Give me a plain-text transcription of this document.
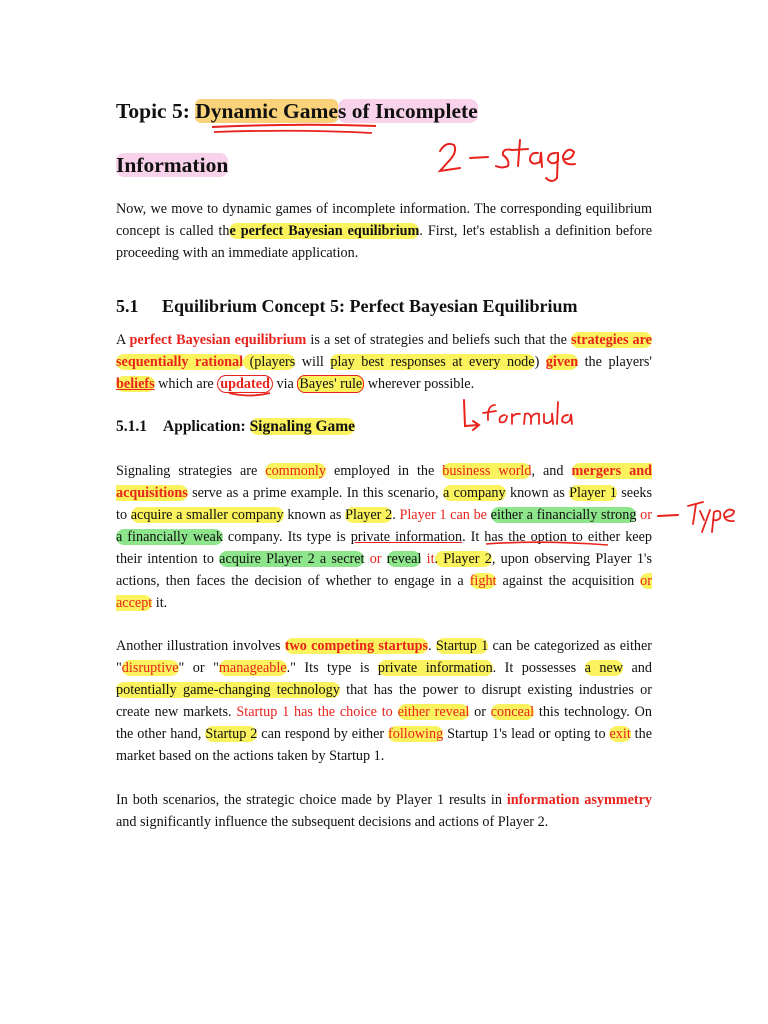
Topic 5: Dynamic Games of Incomplete
Information

Now, we move to dynamic games of incomplete information. The corresponding equilibrium concept is called the perfect Bayesian equilibrium. First, let's establish a definition before proceeding with an immediate application.

5.1 Equilibrium Concept 5: Perfect Bayesian Equilibrium

A perfect Bayesian equilibrium is a set of strategies and beliefs such that the strategies are sequentially rational (players will play best responses at every node) given the players' beliefs which are updated via Bayes' rule wherever possible.

5.1.1 Application: Signaling Game

Signaling strategies are commonly employed in the business world, and mergers and acquisitions serve as a prime example. In this scenario, a company known as Player 1 seeks to acquire a smaller company known as Player 2. Player 1 can be either a financially strong or a financially weak company. Its type is private information. It has the option to either keep their intention to acquire Player 2 a secret or reveal it. Player 2, upon observing Player 1's actions, then faces the decision of whether to engage in a fight against the acquisition or accept it.

Another illustration involves two competing startups. Startup 1 can be categorized as either "disruptive" or "manageable." Its type is private information. It possesses a new and potentially game-changing technology that has the power to disrupt existing industries or create new markets. Startup 1 has the choice to either reveal or conceal this technology. On the other hand, Startup 2 can respond by either following Startup 1's lead or opting to exit the market based on the actions taken by Startup 1.

In both scenarios, the strategic choice made by Player 1 results in information asymmetry and significantly influence the subsequent decisions and actions of Player 2.
